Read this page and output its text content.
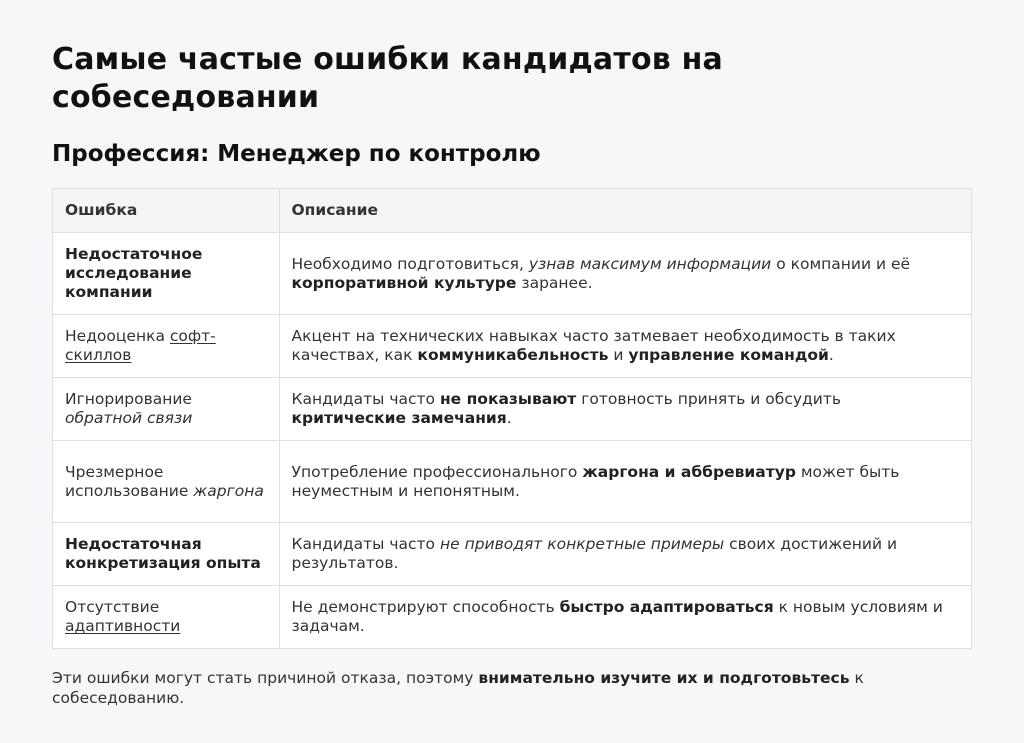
Самые частые ошибки кандидатов на собеседовании
Профессия: Менеджер по контролю
Ошибка	Описание
Недостаточное исследование компании	Необходимо подготовиться, узнав максимум информации о компании и её корпоративной культуре заранее.
Недооценка софт-скиллов	Акцент на технических навыках часто затмевает необходимость в таких качествах, как коммуникабельность и управление командой.
Игнорирование обратной связи	Кандидаты часто не показывают готовность принять и обсудить критические замечания.
Чрезмерное использование жаргона	Употребление профессионального жаргона и аббревиатур может быть неуместным и непонятным.
Недостаточная конкретизация опыта	Кандидаты часто не приводят конкретные примеры своих достижений и результатов.
Отсутствие адаптивности	Не демонстрируют способность быстро адаптироваться к новым условиям и задачам.

Эти ошибки могут стать причиной отказа, поэтому внимательно изучите их и подготовьтесь к собеседованию.
